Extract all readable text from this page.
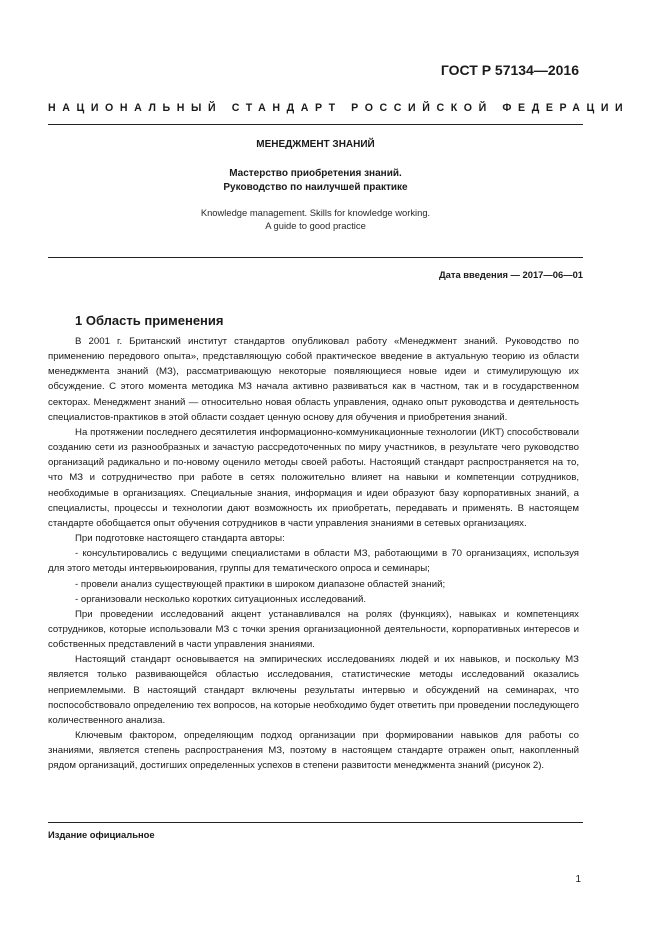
ГОСТ Р 57134—2016

НАЦИОНАЛЬНЫЙ СТАНДАРТ РОССИЙСКОЙ ФЕДЕРАЦИИ

МЕНЕДЖМЕНТ ЗНАНИЙ

Мастерство приобретения знаний.
Руководство по наилучшей практике

Knowledge management. Skills for knowledge working.
A guide to good practice

Дата введения — 2017—06—01

1 Область применения

В 2001 г. Британский институт стандартов опубликовал работу «Менеджмент знаний. Руководство по применению передового опыта», представляющую собой практическое введение в актуальную теорию из области менеджмента знаний (МЗ), рассматривающую некоторые появляющиеся новые идеи и стимулирующую их обсуждение. С этого момента методика МЗ начала активно развиваться как в частном, так и в государственном секторах. Менеджмент знаний — относительно новая область управления, однако опыт руководства и деятельность специалистов-практиков в этой области создает ценную основу для обучения и приобретения знаний.

На протяжении последнего десятилетия информационно-коммуникационные технологии (ИКТ) способствовали созданию сети из разнообразных и зачастую рассредоточенных по миру участников, в результате чего руководство организаций радикально и по-новому оценило методы своей работы. Настоящий стандарт распространяется на то, что МЗ и сотрудничество при работе в сетях положительно влияет на навыки и компетенции сотрудников, необходимые в организациях. Специальные знания, информация и идеи образуют базу корпоративных знаний, а специалисты, процессы и технологии дают возможность их приобретать, передавать и применять. В настоящем стандарте обобщается опыт обучения сотрудников в части управления знаниями в сетевых организациях.

При подготовке настоящего стандарта авторы:

- консультировались с ведущими специалистами в области МЗ, работающими в 70 организациях, используя для этого методы интервьюирования, группы для тематического опроса и семинары;

- провели анализ существующей практики в широком диапазоне областей знаний;

- организовали несколько коротких ситуационных исследований.

При проведении исследований акцент устанавливался на ролях (функциях), навыках и компетенциях сотрудников, которые использовали МЗ с точки зрения организационной деятельности, корпоративных интересов и собственных представлений в части управления знаниями.

Настоящий стандарт основывается на эмпирических исследованиях людей и их навыков, и поскольку МЗ является только развивающейся областью исследования, статистические методы исследований оказались неприемлемыми. В настоящий стандарт включены результаты интервью и обсуждений на семинарах, что поспособствовало определению тех вопросов, на которые необходимо будет ответить при проведении последующего количественного анализа.

Ключевым фактором, определяющим подход организации при формировании навыков для работы со знаниями, является степень распространения МЗ, поэтому в настоящем стандарте отражен опыт, накопленный рядом организаций, достигших определенных успехов в степени развитости менеджмента знаний (рисунок 2).

Издание официальное

1
